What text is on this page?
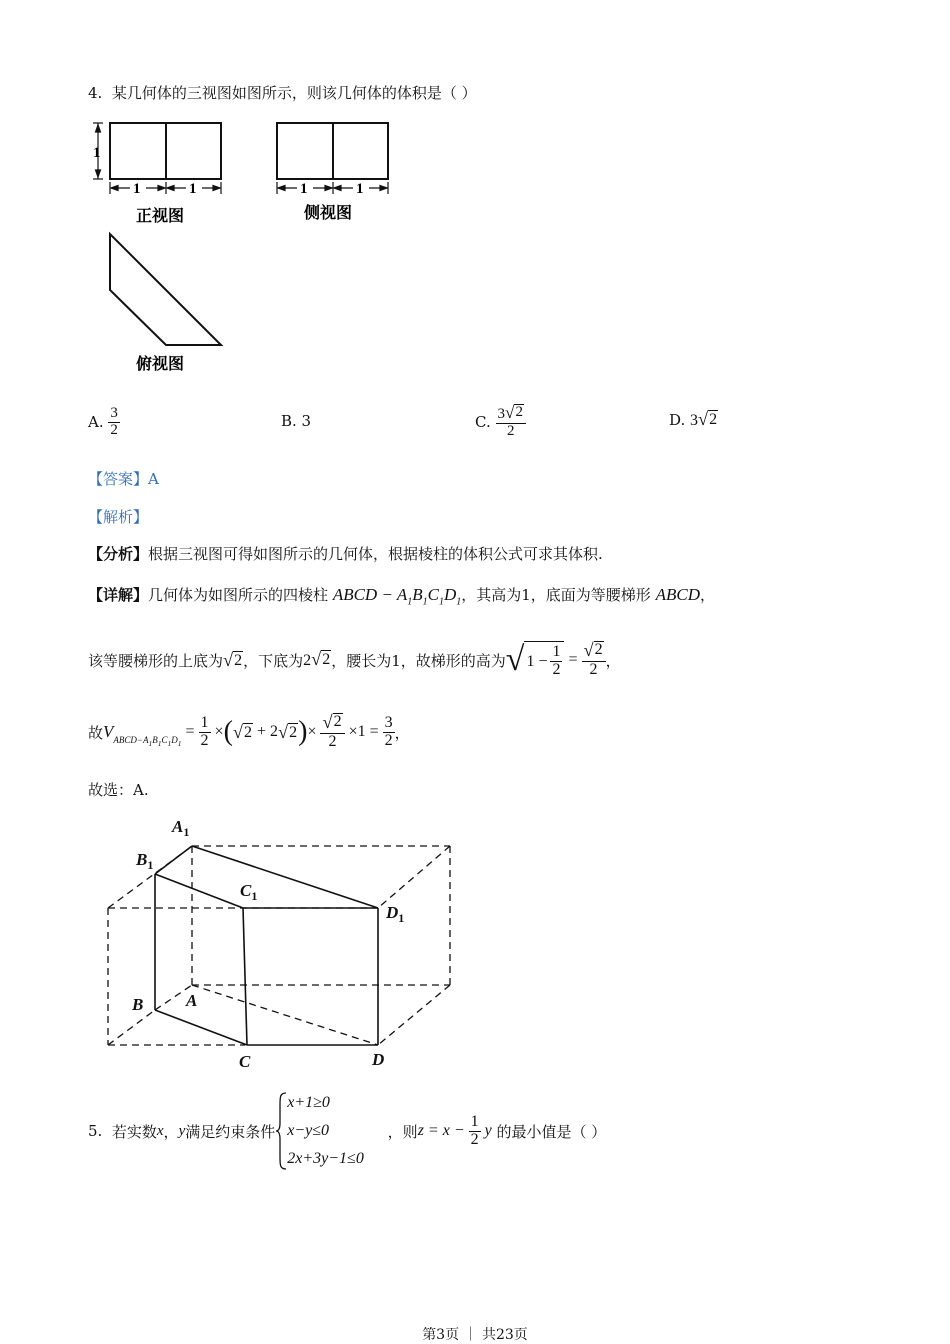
4. 某几何体的三视图如图所示，则该几何体的体积是（ ）
1
1	1
正视图
1	1
侧视图
俯视图
A.
$\frac{3}{2}$	B. 3	C.
$\frac{3 √ 2}{2}$	D.
3 √ 2
【答案】A
【解析】
【分析】根据三视图可得如图所示的几何体，根据棱柱的体积公式可求其体积.
【详解】几何体为如图所示的四棱柱 ABCD − $A_1B_1C_1D_1$，其高为1，底面为等腰梯形 ABCD，
该等腰梯形的上底为 √ 2 ，下底为 2 √ 2 ，腰长为1，故梯形的高为 √ $1 - \frac{1}{2} = \frac{√ 2}{2}$ ，
故 V $ABCD-A_1B_1C_1D_1$
= $\frac{1}{2}$ × ( √ 2 + 2 √ 2 ) × $\frac{√ 2}{2} \times 1 = \frac{3}{2}$ ，
故选：A.
$A_1$
$B_1$
$C_1$
$D_1$
A
B
C	D
5.
若实数 x ， y 满足约束条件
x+1≥0
x−y≤0
2x+3y−1≤0

，则 $z = x - \frac{1}{2}$ y
的最小值是（ ）
第3页 ｜ 共23页
